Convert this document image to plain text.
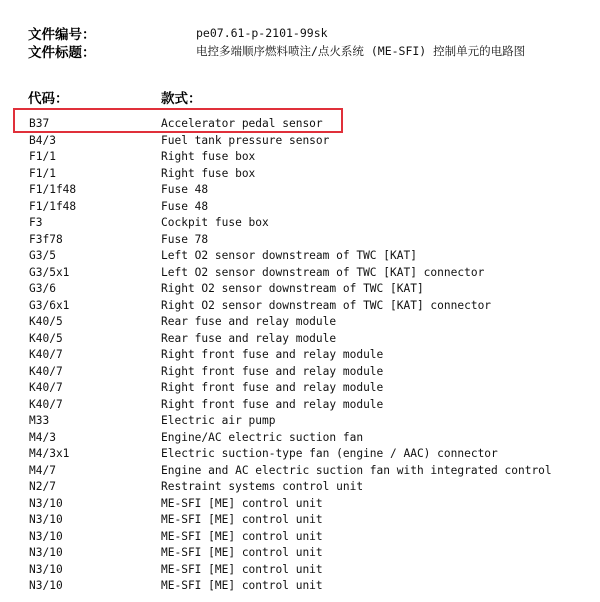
文件编号：	pe07.61-p-2101-99sk
文件标题：	电控多端顺序燃料喷注/点火系统 (ME-SFI) 控制单元的电路图
代码：	款式：
B37	Accelerator pedal sensor
B4/3	Fuel tank pressure sensor
F1/1	Right fuse box
F1/1	Right fuse box
F1/1f48	Fuse 48
F1/1f48	Fuse 48
F3	Cockpit fuse box
F3f78	Fuse 78
G3/5	Left O2 sensor downstream of TWC [KAT]
G3/5x1	Left O2 sensor downstream of TWC [KAT] connector
G3/6	Right O2 sensor downstream of TWC [KAT]
G3/6x1	Right O2 sensor downstream of TWC [KAT] connector
K40/5	Rear fuse and relay module
K40/5	Rear fuse and relay module
K40/7	Right front fuse and relay module
K40/7	Right front fuse and relay module
K40/7	Right front fuse and relay module
K40/7	Right front fuse and relay module
M33	Electric air pump
M4/3	Engine/AC electric suction fan
M4/3x1	Electric suction-type fan (engine / AAC) connector
M4/7	Engine and AC electric suction fan with integrated control
N2/7	Restraint systems control unit
N3/10	ME-SFI [ME] control unit
N3/10	ME-SFI [ME] control unit
N3/10	ME-SFI [ME] control unit
N3/10	ME-SFI [ME] control unit
N3/10	ME-SFI [ME] control unit
N3/10	ME-SFI [ME] control unit
